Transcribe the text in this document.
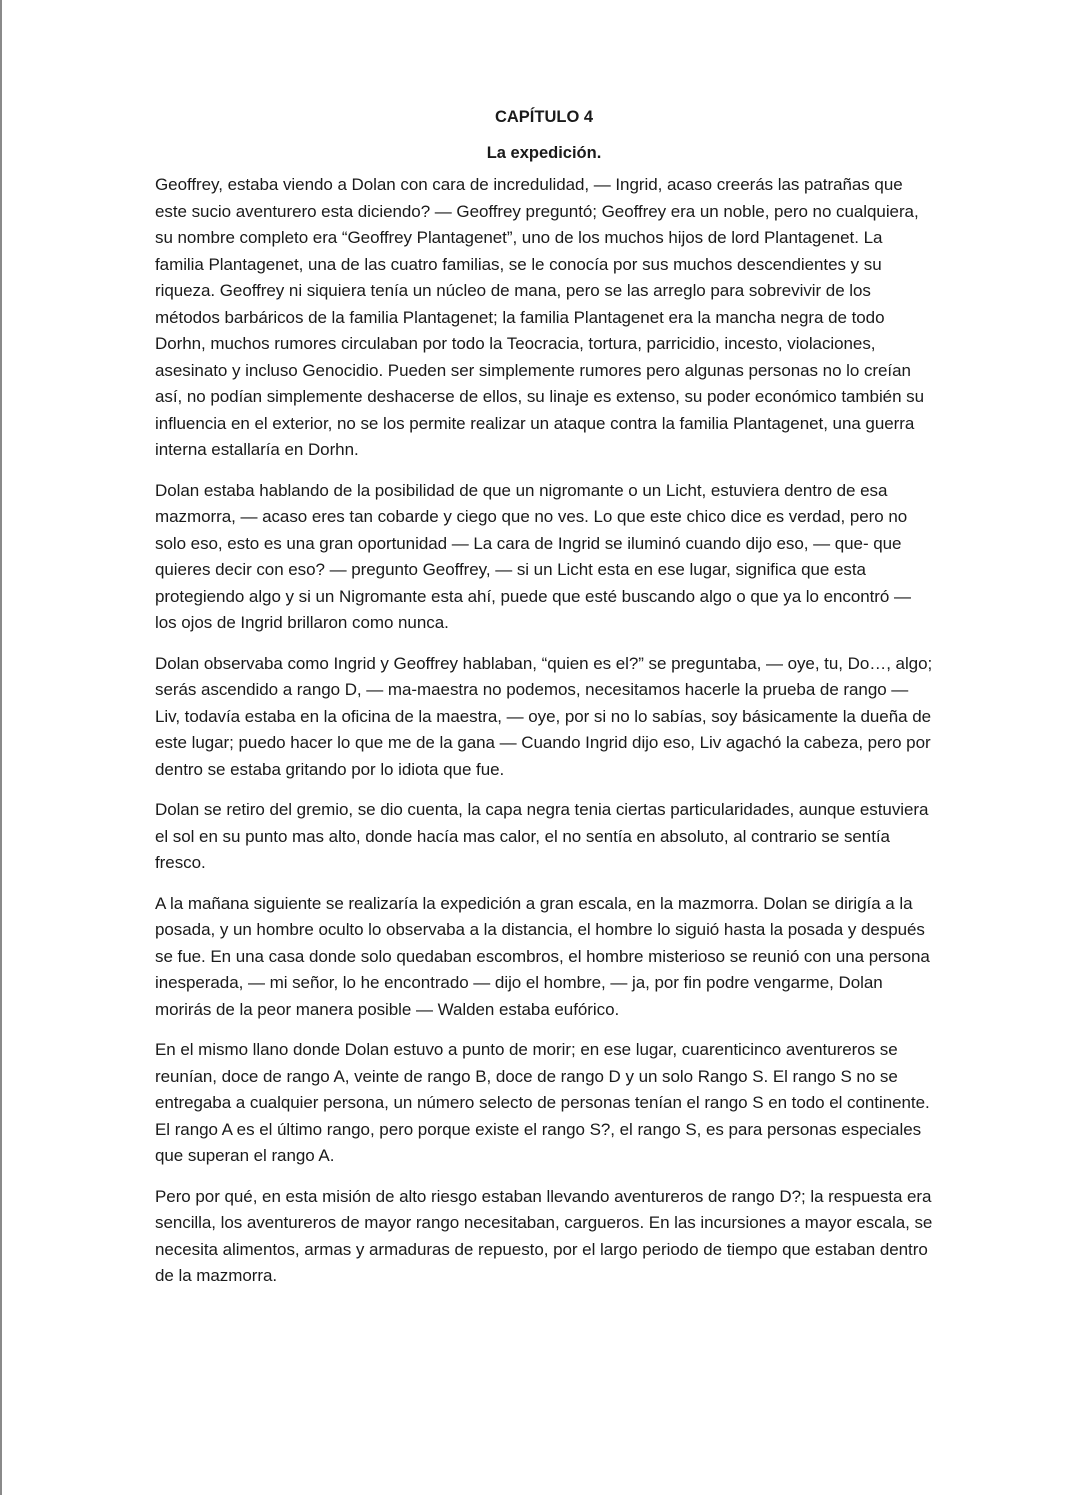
CAPÍTULO 4
La expedición.

Geoffrey, estaba viendo a Dolan con cara de incredulidad, — Ingrid, acaso creerás las patrañas que este sucio aventurero esta diciendo? — Geoffrey preguntó; Geoffrey era un noble, pero no cualquiera, su nombre completo era “Geoffrey Plantagenet”, uno de los muchos hijos de lord Plantagenet. La familia Plantagenet, una de las cuatro familias, se le conocía por sus muchos descendientes y su riqueza. Geoffrey ni siquiera tenía un núcleo de mana, pero se las arreglo para sobrevivir de los métodos barbáricos de la familia Plantagenet; la familia Plantagenet era la mancha negra de todo Dorhn, muchos rumores circulaban por todo la Teocracia, tortura, parricidio, incesto, violaciones, asesinato y incluso Genocidio. Pueden ser simplemente rumores pero algunas personas no lo creían así, no podían simplemente deshacerse de ellos, su linaje es extenso, su poder económico también su influencia en el exterior, no se los permite realizar un ataque contra la familia Plantagenet, una guerra interna estallaría en Dorhn.

Dolan estaba hablando de la posibilidad de que un nigromante o un Licht, estuviera dentro de esa mazmorra, — acaso eres tan cobarde y ciego que no ves. Lo que este chico dice es verdad, pero no solo eso, esto es una gran oportunidad — La cara de Ingrid se iluminó cuando dijo eso, — que- que quieres decir con eso? — pregunto Geoffrey, — si un Licht esta en ese lugar, significa que esta protegiendo algo y si un Nigromante esta ahí, puede que esté buscando algo o que ya lo encontró — los ojos de Ingrid brillaron como nunca.

Dolan observaba como Ingrid y Geoffrey hablaban, “quien es el?” se preguntaba, — oye, tu, Do…, algo; serás ascendido a rango D, — ma-maestra no podemos, necesitamos hacerle la prueba de rango — Liv, todavía estaba en la oficina de la maestra, — oye, por si no lo sabías, soy básicamente la dueña de este lugar; puedo hacer lo que me de la gana — Cuando Ingrid dijo eso, Liv agachó la cabeza, pero por dentro se estaba gritando por lo idiota que fue.

Dolan se retiro del gremio, se dio cuenta, la capa negra tenia ciertas particularidades, aunque estuviera el sol en su punto mas alto, donde hacía mas calor, el no sentía en absoluto, al contrario se sentía fresco.

A la mañana siguiente se realizaría la expedición a gran escala, en la mazmorra. Dolan se dirigía a la posada, y un hombre oculto lo observaba a la distancia, el hombre lo siguió hasta la posada y después se fue. En una casa donde solo quedaban escombros, el hombre misterioso se reunió con una persona inesperada, — mi señor, lo he encontrado — dijo el hombre, — ja, por fin podre vengarme, Dolan morirás de la peor manera posible — Walden estaba eufórico.

En el mismo llano donde Dolan estuvo a punto de morir; en ese lugar, cuarenticinco aventureros se reunían, doce de rango A, veinte de rango B, doce de rango D y un solo Rango S. El rango S no se entregaba a cualquier persona, un número selecto de personas tenían el rango S en todo el continente. El rango A es el último rango, pero porque existe el rango S?, el rango S, es para personas especiales que superan el rango A.

Pero por qué, en esta misión de alto riesgo estaban llevando aventureros de rango D?; la respuesta era sencilla, los aventureros de mayor rango necesitaban, cargueros. En las incursiones a mayor escala, se necesita alimentos, armas y armaduras de repuesto, por el largo periodo de tiempo que estaban dentro de la mazmorra.
